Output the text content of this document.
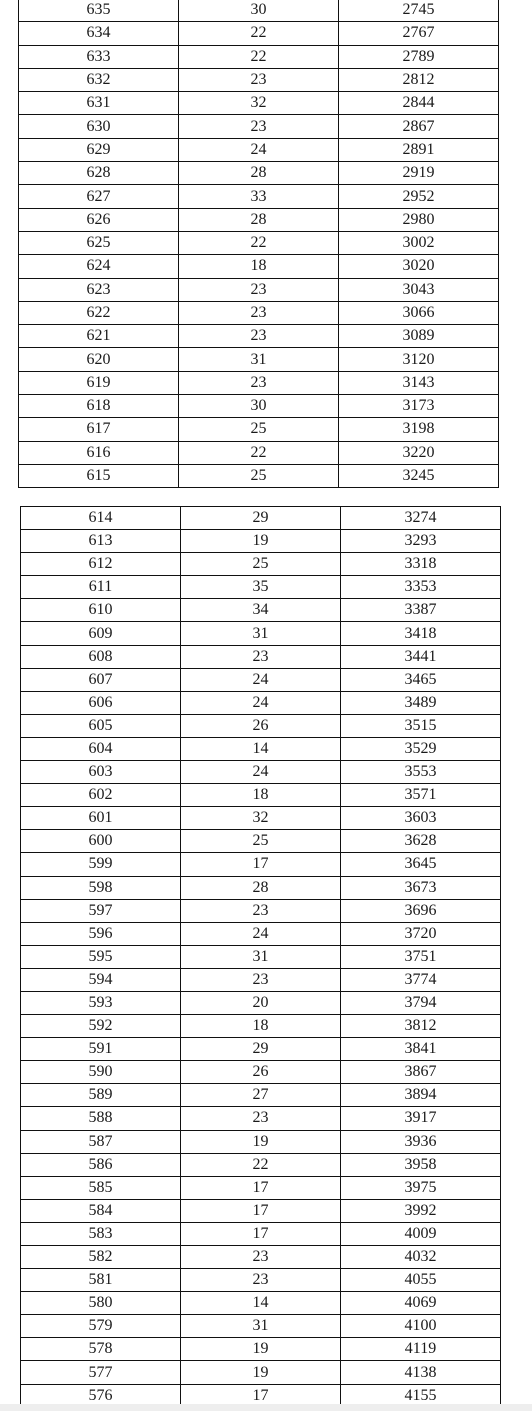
635	30	2745
634	22	2767
633	22	2789
632	23	2812
631	32	2844
630	23	2867
629	24	2891
628	28	2919
627	33	2952
626	28	2980
625	22	3002
624	18	3020
623	23	3043
622	23	3066
621	23	3089
620	31	3120
619	23	3143
618	30	3173
617	25	3198
616	22	3220
615	25	3245
614	29	3274
613	19	3293
612	25	3318
611	35	3353
610	34	3387
609	31	3418
608	23	3441
607	24	3465
606	24	3489
605	26	3515
604	14	3529
603	24	3553
602	18	3571
601	32	3603
600	25	3628
599	17	3645
598	28	3673
597	23	3696
596	24	3720
595	31	3751
594	23	3774
593	20	3794
592	18	3812
591	29	3841
590	26	3867
589	27	3894
588	23	3917
587	19	3936
586	22	3958
585	17	3975
584	17	3992
583	17	4009
582	23	4032
581	23	4055
580	14	4069
579	31	4100
578	19	4119
577	19	4138
576	17	4155
